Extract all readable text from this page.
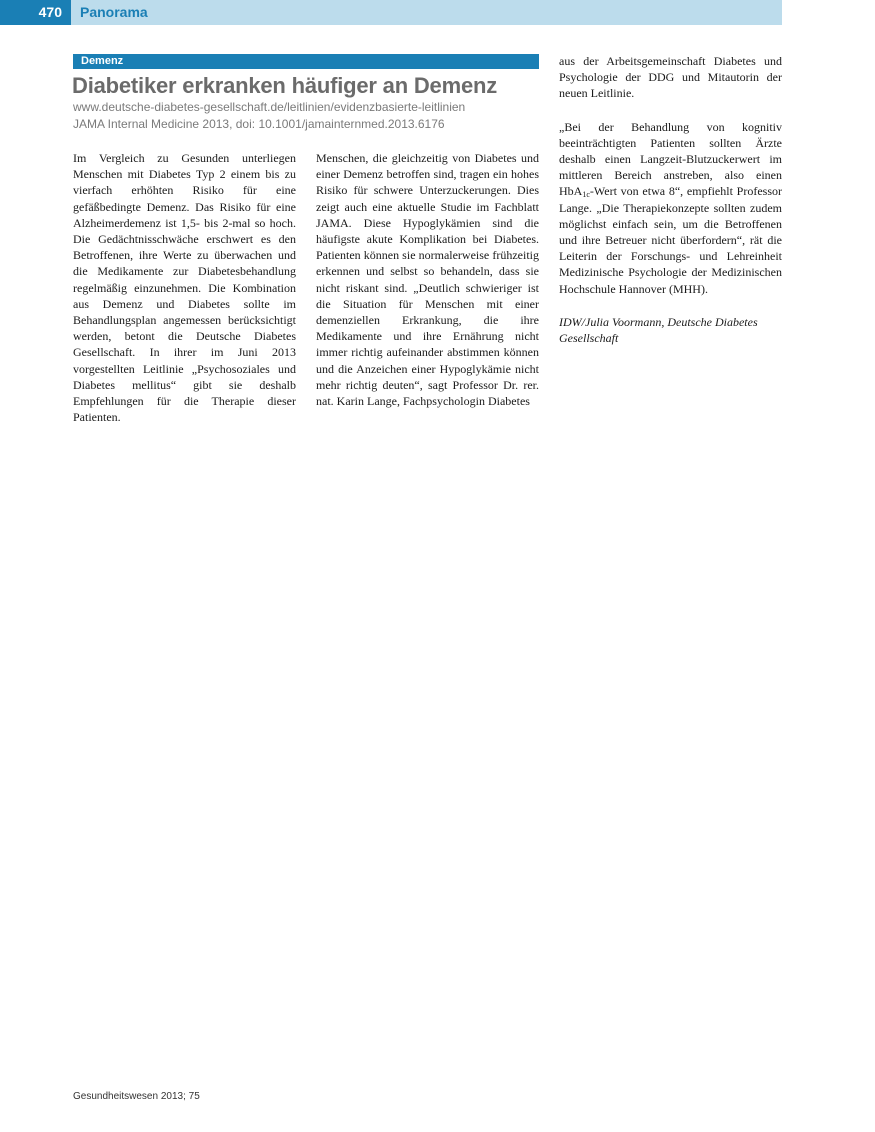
470	Panorama
Demenz
Diabetiker erkranken häufiger an Demenz
www.deutsche-diabetes-gesellschaft.de/leitlinien/evidenzbasierte-leitlinien
JAMA Internal Medicine 2013, doi: 10.1001/jamainternmed.2013.6176

Im Vergleich zu Gesunden unterliegen Menschen mit Diabetes Typ 2 einem bis zu vierfach erhöhten Risiko für eine gefäßbedingte Demenz. Das Risiko für eine Alzheimerdemenz ist 1,5- bis 2-mal so hoch. Die Gedächtnisschwäche erschwert es den Betroffenen, ihre Werte zu überwachen und die Medikamente zur Diabetesbehandlung regelmäßig einzunehmen. Die Kombination aus Demenz und Diabetes sollte im Behandlungsplan angemessen berücksichtigt werden, betont die Deutsche Diabetes Gesellschaft. In ihrer im Juni 2013 vorgestellten Leitlinie „Psychosoziales und Diabetes mellitus“ gibt sie deshalb Empfehlungen für die Therapie dieser Patienten.

Menschen, die gleichzeitig von Diabetes und einer Demenz betroffen sind, tragen ein hohes Risiko für schwere Unterzuckerungen. Dies zeigt auch eine aktuelle Studie im Fachblatt JAMA. Diese Hypoglykämien sind die häufigste akute Komplikation bei Diabetes. Patienten können sie normalerweise frühzeitig erkennen und selbst so behandeln, dass sie nicht riskant sind. „Deutlich schwieriger ist die Situation für Menschen mit einer demenziellen Erkrankung, die ihre Medikamente und ihre Ernährung nicht immer richtig aufeinander abstimmen können und die Anzeichen einer Hypoglykämie nicht mehr richtig deuten“, sagt Professor Dr. rer. nat. Karin Lange, Fachpsychologin Diabetes

aus der Arbeitsgemeinschaft Diabetes und Psychologie der DDG und Mitautorin der neuen Leitlinie.

„Bei der Behandlung von kognitiv beeinträchtigten Patienten sollten Ärzte deshalb einen Langzeit-Blutzuckerwert im mittleren Bereich anstreben, also einen HbA$_{1c}$-Wert von etwa 8“, empfiehlt Professor Lange. „Die Therapiekonzepte sollten zudem möglichst einfach sein, um die Betroffenen und ihre Betreuer nicht überfordern“, rät die Leiterin der Forschungs- und Lehreinheit Medizinische Psychologie der Medizinischen Hochschule Hannover (MHH).

IDW/Julia Voormann, Deutsche Diabetes Gesellschaft

Gesundheitswesen 2013; 75
